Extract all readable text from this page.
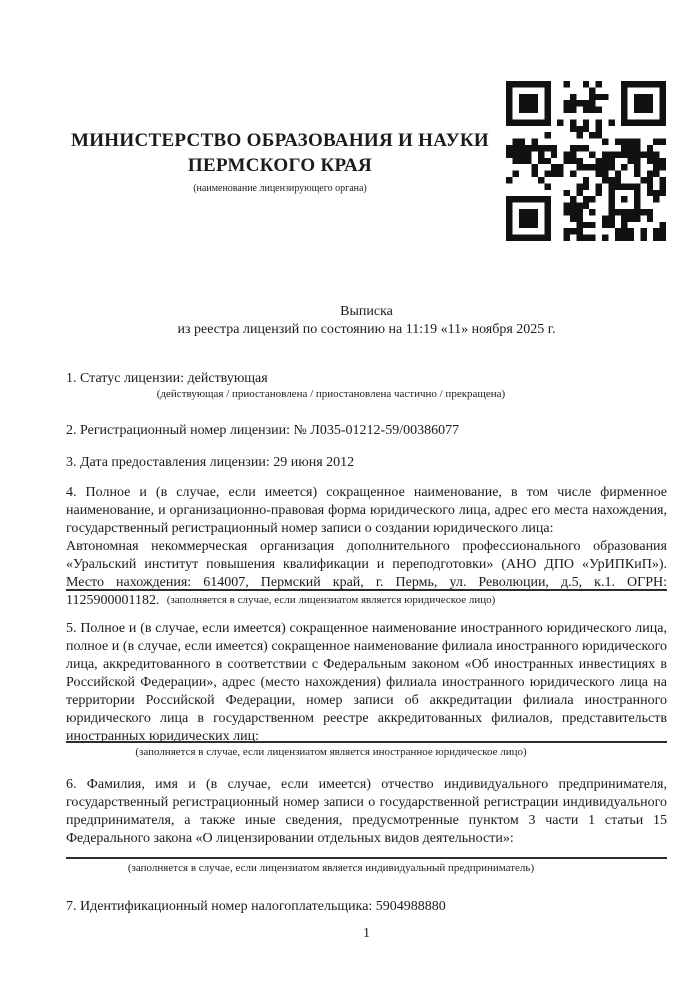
МИНИСТЕРСТВО ОБРАЗОВАНИЯ И НАУКИ
ПЕРМСКОГО КРАЯ
(наименование лицензирующего органа)
Выписка
из реестра лицензий по состоянию на 11:19 «11» ноября 2025 г.
1. Статус лицензии: действующая
(действующая / приостановлена / приостановлена частично / прекращена)
2. Регистрационный номер лицензии: № Л035-01212-59/00386077
3. Дата предоставления лицензии: 29 июня 2012
4. Полное и (в случае, если имеется) сокращенное наименование, в том числе фирменное наименование, и организационно-правовая форма юридического лица, адрес его места нахождения, государственный регистрационный номер записи о создании юридического лица:
Автономная некоммерческая организация дополнительного профессионального образования «Уральский институт повышения квалификации и переподготовки» (АНО ДПО «УрИПКиП»). Место нахождения: 614007, Пермский край, г. Пермь, ул. Революции, д.5, к.1. ОГРН: 1125900001182. (заполняется в случае, если лицензиатом является юридическое лицо)
5. Полное и (в случае, если имеется) сокращенное наименование иностранного юридического лица, полное и (в случае, если имеется) сокращенное наименование филиала иностранного юридического лица, аккредитованного в соответствии с Федеральным законом «Об иностранных инвестициях в Российской Федерации», адрес (место нахождения) филиала иностранного юридического лица на территории Российской Федерации, номер записи об аккредитации филиала иностранного юридического лица в государственном реестре аккредитованных филиалов, представительств иностранных юридических лиц:
(заполняется в случае, если лицензиатом является иностранное юридическое лицо)
6. Фамилия, имя и (в случае, если имеется) отчество индивидуального предпринимателя, государственный регистрационный номер записи о государственной регистрации индивидуального предпринимателя, а также иные сведения, предусмотренные пунктом 3 части 1 статьи 15 Федерального закона «О лицензировании отдельных видов деятельности»:
(заполняется в случае, если лицензиатом является индивидуальный предприниматель)
7. Идентификационный номер налогоплательщика: 5904988880
1
